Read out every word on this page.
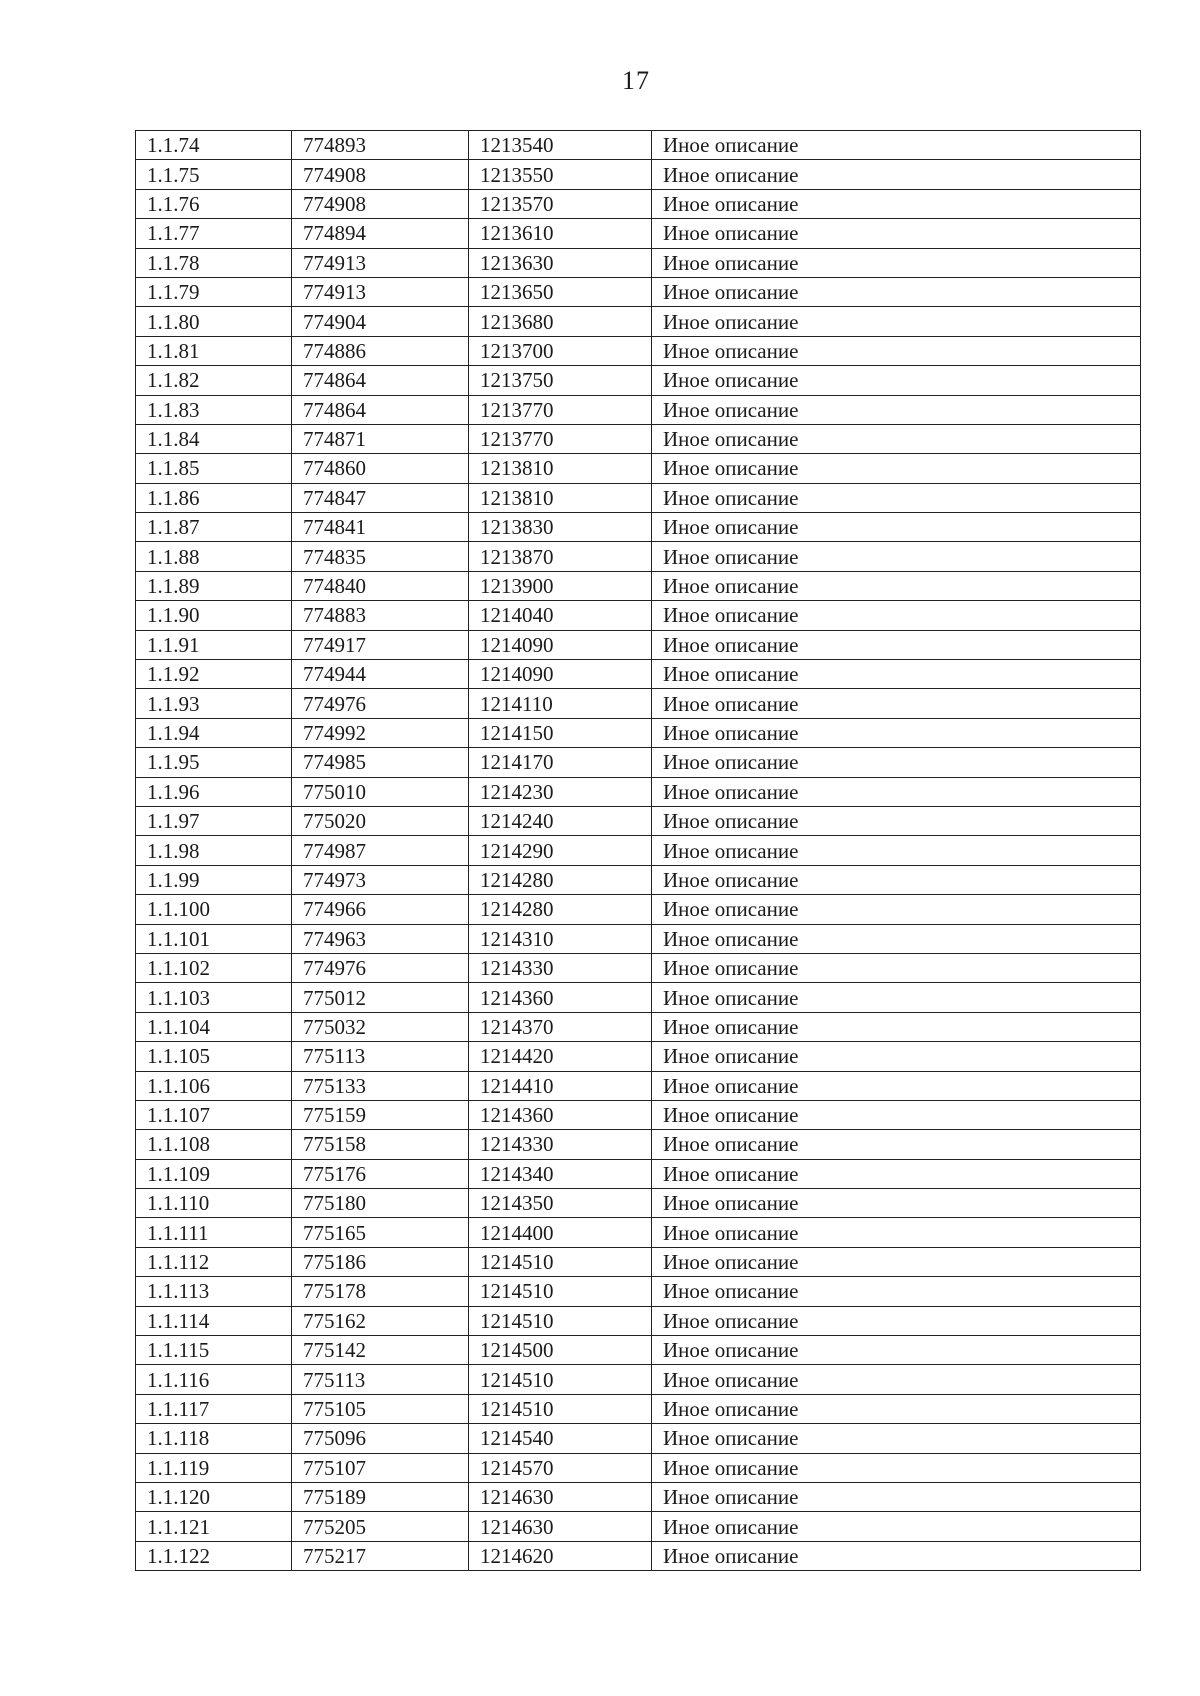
17
1.1.74	774893	1213540	Иное описание
1.1.75	774908	1213550	Иное описание
1.1.76	774908	1213570	Иное описание
1.1.77	774894	1213610	Иное описание
1.1.78	774913	1213630	Иное описание
1.1.79	774913	1213650	Иное описание
1.1.80	774904	1213680	Иное описание
1.1.81	774886	1213700	Иное описание
1.1.82	774864	1213750	Иное описание
1.1.83	774864	1213770	Иное описание
1.1.84	774871	1213770	Иное описание
1.1.85	774860	1213810	Иное описание
1.1.86	774847	1213810	Иное описание
1.1.87	774841	1213830	Иное описание
1.1.88	774835	1213870	Иное описание
1.1.89	774840	1213900	Иное описание
1.1.90	774883	1214040	Иное описание
1.1.91	774917	1214090	Иное описание
1.1.92	774944	1214090	Иное описание
1.1.93	774976	1214110	Иное описание
1.1.94	774992	1214150	Иное описание
1.1.95	774985	1214170	Иное описание
1.1.96	775010	1214230	Иное описание
1.1.97	775020	1214240	Иное описание
1.1.98	774987	1214290	Иное описание
1.1.99	774973	1214280	Иное описание
1.1.100	774966	1214280	Иное описание
1.1.101	774963	1214310	Иное описание
1.1.102	774976	1214330	Иное описание
1.1.103	775012	1214360	Иное описание
1.1.104	775032	1214370	Иное описание
1.1.105	775113	1214420	Иное описание
1.1.106	775133	1214410	Иное описание
1.1.107	775159	1214360	Иное описание
1.1.108	775158	1214330	Иное описание
1.1.109	775176	1214340	Иное описание
1.1.110	775180	1214350	Иное описание
1.1.111	775165	1214400	Иное описание
1.1.112	775186	1214510	Иное описание
1.1.113	775178	1214510	Иное описание
1.1.114	775162	1214510	Иное описание
1.1.115	775142	1214500	Иное описание
1.1.116	775113	1214510	Иное описание
1.1.117	775105	1214510	Иное описание
1.1.118	775096	1214540	Иное описание
1.1.119	775107	1214570	Иное описание
1.1.120	775189	1214630	Иное описание
1.1.121	775205	1214630	Иное описание
1.1.122	775217	1214620	Иное описание
